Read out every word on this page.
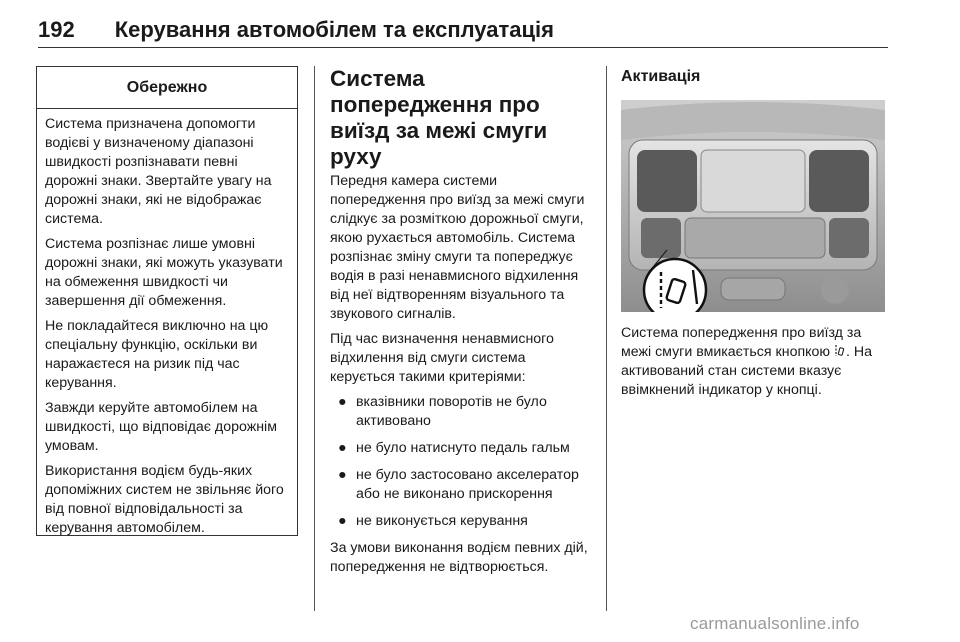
192 Керування автомобілем та експлуатація
Обережно

Система призначена допомогти водієві у визначеному діапазоні швидкості розпізнавати певні дорожні знаки. Звертайте увагу на дорожні знаки, які не відображає система.

Система розпізнає лише умовні дорожні знаки, які можуть указувати на обмеження швидкості чи завершення дії обмеження.

Не покладайтеся виключно на цю спеціальну функцію, оскільки ви наражаєтеся на ризик під час керування.

Завжди керуйте автомобілем на швидкості, що відповідає дорожнім умовам.

Використання водієм будь-яких допоміжних систем не звільняє його від повної відповідальності за керування автомобілем.

Система попередження про виїзд за межі смуги руху

Передня камера системи попередження про виїзд за межі смуги слідкує за розміткою дорожньої смуги, якою рухається автомобіль. Система розпізнає зміну смуги та попереджує водія в разі ненавмисного відхилення від неї відтворенням візуального та звукового сигналів.

Під час визначення ненавмисного відхилення від смуги система керується такими критеріями:

● вказівники поворотів не було активовано
● не було натиснуто педаль гальм
● не було застосовано акселератор або не виконано прискорення
● не виконується керування

За умови виконання водієм певних дій, попередження не відтворюється.

Активація

Система попередження про виїзд за межі смуги вмикається кнопкою . На активований стан системи вказує ввімкнений індикатор у кнопці.

carmanualsonline.info
